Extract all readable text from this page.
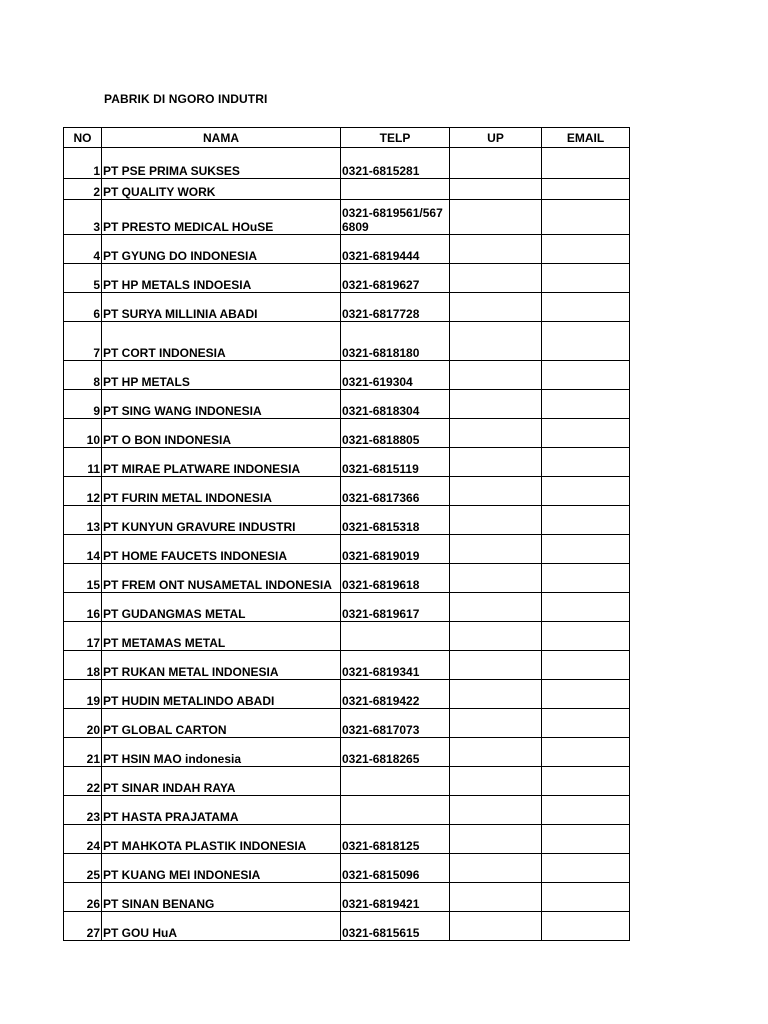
PABRIK DI NGORO INDUTRI
NO	NAMA	TELP	UP	EMAIL
1	PT PSE PRIMA SUKSES	0321-6815281		
2	PT QUALITY WORK			
3	PT PRESTO MEDICAL HOuSE	0321-6819561/5676809		
4	PT GYUNG DO INDONESIA	0321-6819444		
5	PT HP METALS INDOESIA	0321-6819627		
6	PT SURYA MILLINIA ABADI	0321-6817728		
7	PT CORT INDONESIA	0321-6818180		
8	PT HP METALS	0321-619304		
9	PT SING WANG INDONESIA	0321-6818304		
10	PT O BON INDONESIA	0321-6818805		
11	PT MIRAE PLATWARE INDONESIA	0321-6815119		
12	PT FURIN METAL INDONESIA	0321-6817366		
13	PT KUNYUN GRAVURE INDUSTRI	0321-6815318		
14	PT HOME FAUCETS INDONESIA	0321-6819019		
15	PT FREM ONT NUSAMETAL INDONESIA	0321-6819618		
16	PT GUDANGMAS METAL	0321-6819617		
17	PT METAMAS METAL			
18	PT RUKAN METAL INDONESIA	0321-6819341		
19	PT HUDIN METALINDO ABADI	0321-6819422		
20	PT GLOBAL CARTON	0321-6817073		
21	PT HSIN MAO indonesia	0321-6818265		
22	PT SINAR INDAH RAYA			
23	PT HASTA PRAJATAMA			
24	PT MAHKOTA PLASTIK INDONESIA	0321-6818125		
25	PT KUANG MEI INDONESIA	0321-6815096		
26	PT SINAN BENANG	0321-6819421		
27	PT GOU HuA	0321-6815615		
